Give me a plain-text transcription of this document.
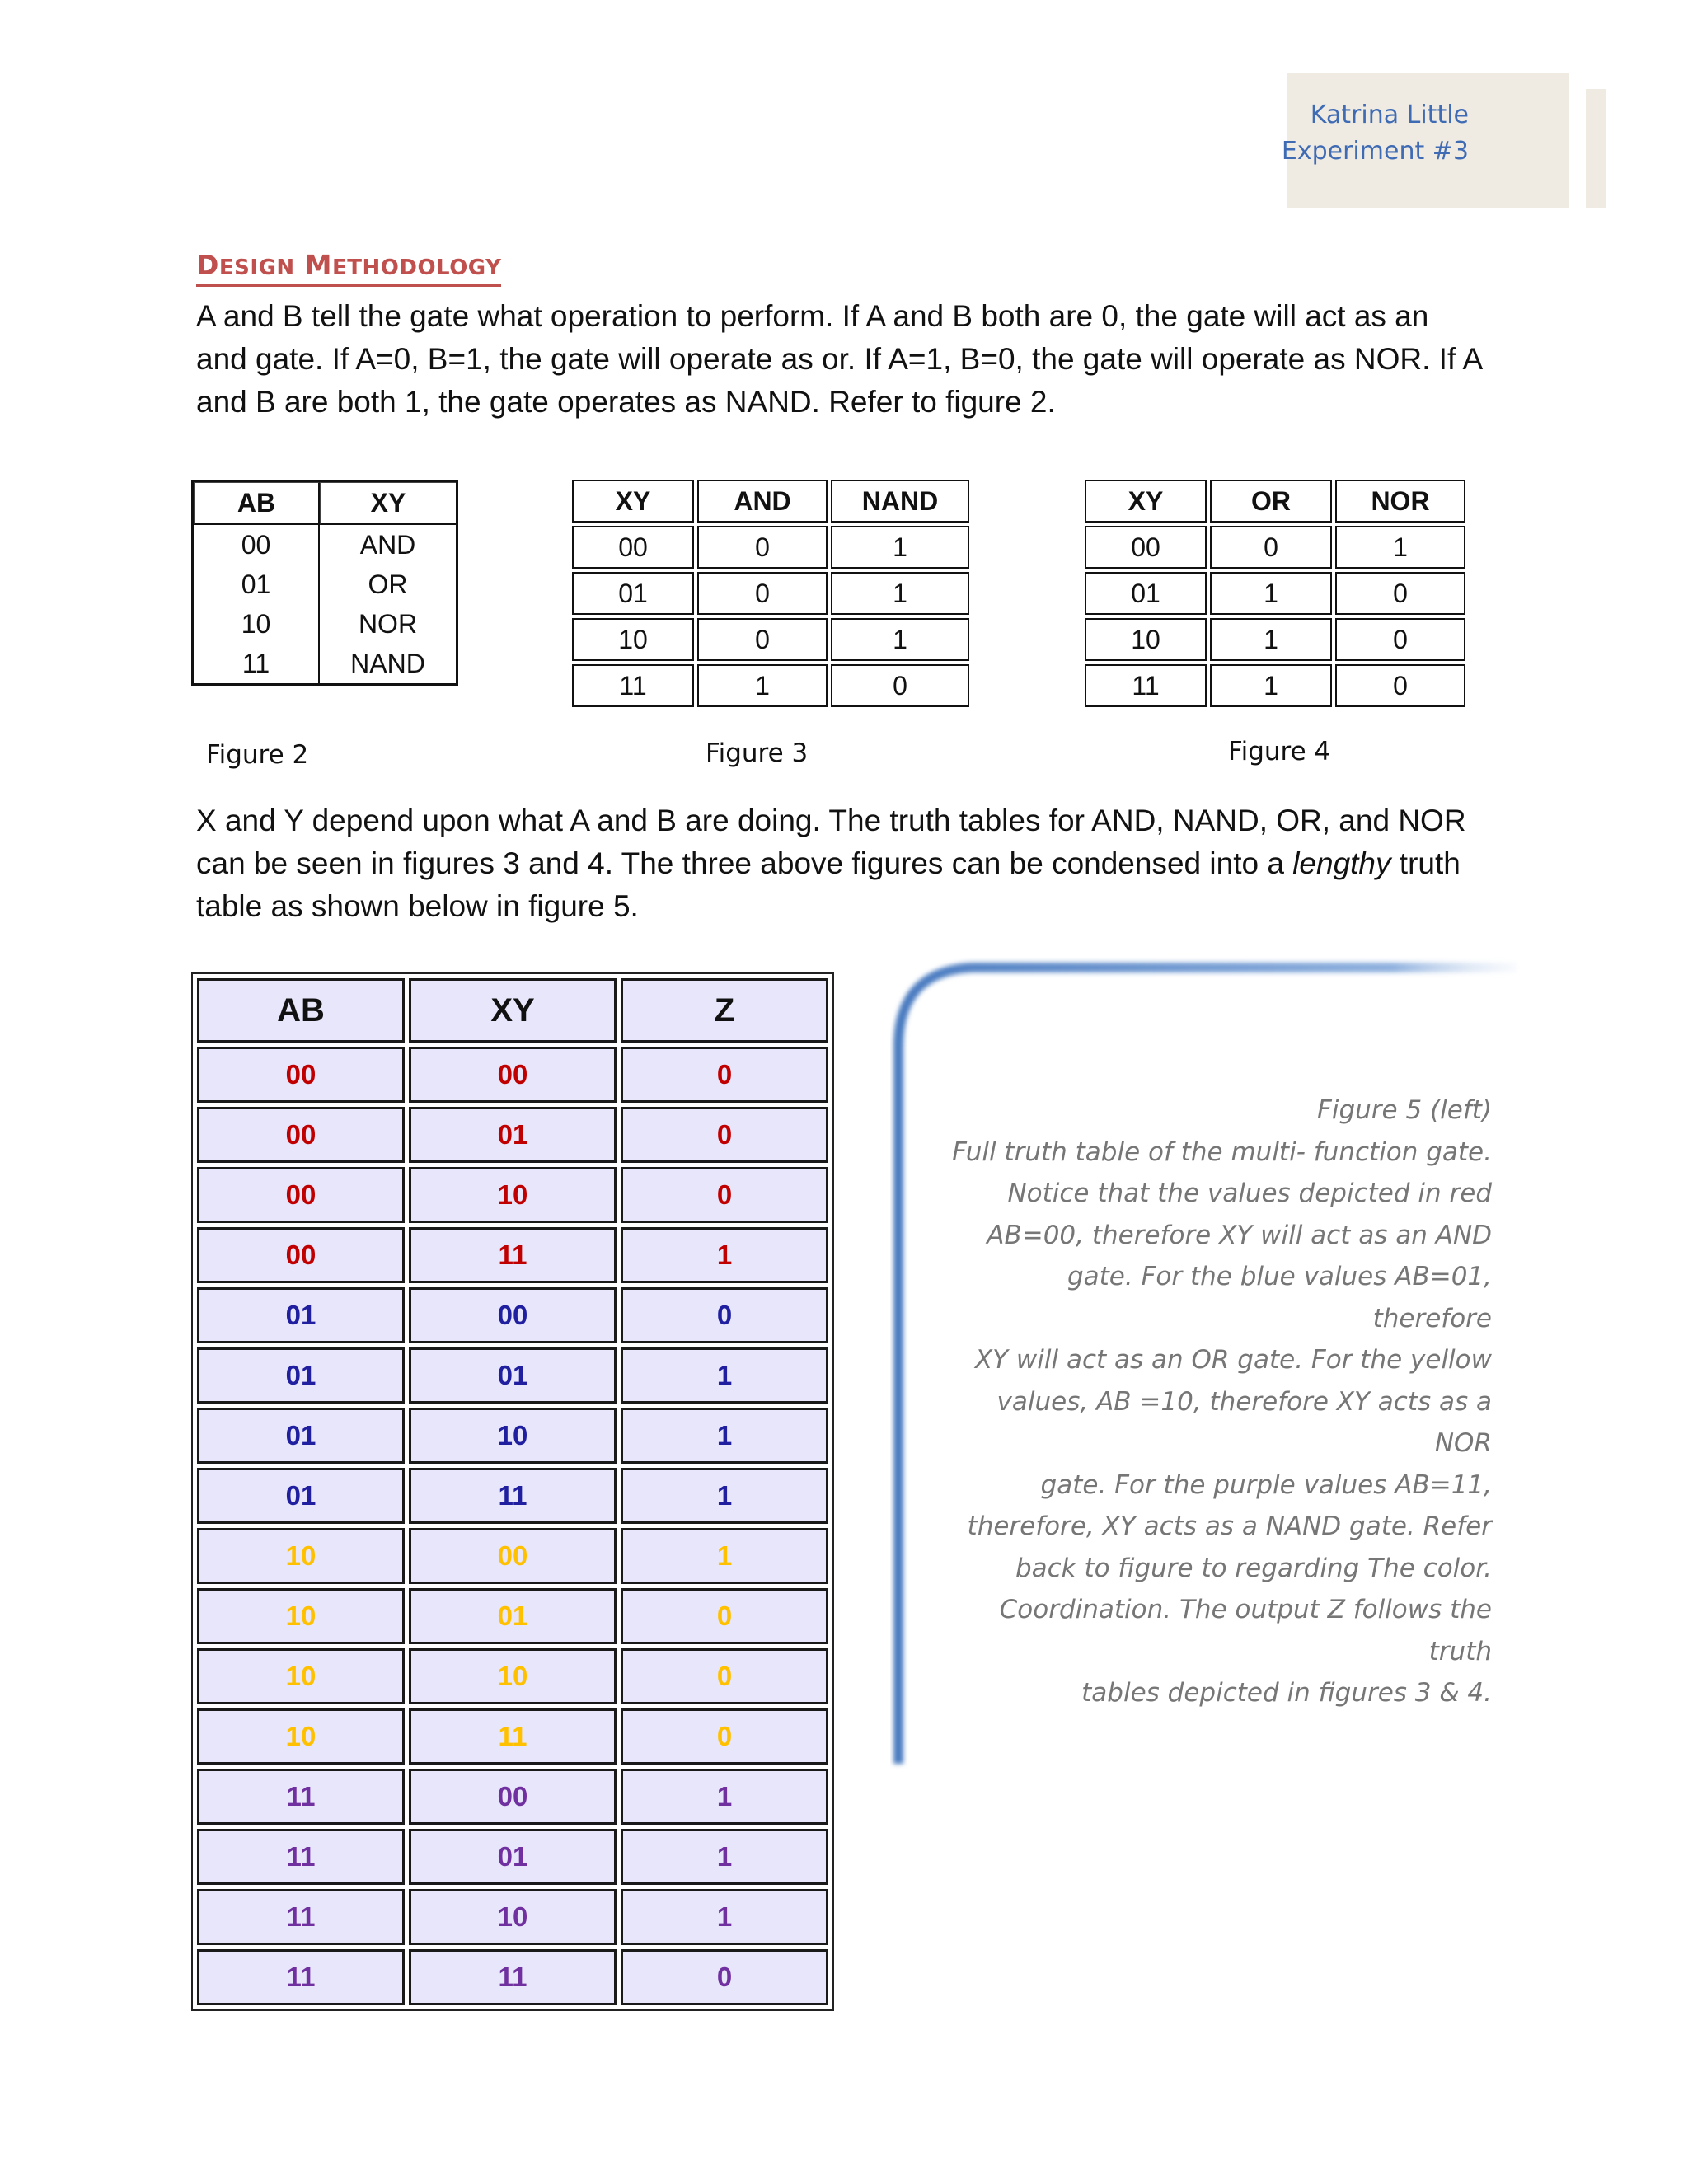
Katrina Little
Experiment #3
DESIGN METHODOLOGY
A and B tell the gate what operation to perform. If A and B both are 0, the gate will act as an and gate. If A=0, B=1, the gate will operate as or. If A=1, B=0, the gate will operate as NOR. If A and B are both 1, the gate operates as NAND. Refer to figure 2.
AB	XY
00	AND
01	OR
10	NOR
11	NAND
XY	AND	NAND
00	0	1
01	0	1
10	0	1
11	1	0
XY	OR	NOR
00	0	1
01	1	0
10	1	0
11	1	0
Figure 2	Figure 3	Figure 4
X and Y depend upon what A and B are doing. The truth tables for AND, NAND, OR, and NOR can be seen in figures 3 and 4. The three above figures can be condensed into a lengthy truth table as shown below in figure 5.
AB	XY	Z
00	00	0
00	01	0
00	10	0
00	11	1
01	00	0
01	01	1
01	10	1
01	11	1
10	00	1
10	01	0
10	10	0
10	11	0
11	00	1
11	01	1
11	10	1
11	11	0
Figure 5 (left)
Full truth table of the multi- function gate.
Notice that the values depicted in red
AB=00, therefore XY will act as an AND
gate. For the blue values AB=01, therefore
XY will act as an OR gate. For the yellow
values, AB =10, therefore XY acts as a NOR
gate. For the purple values AB=11,
therefore, XY acts as a NAND gate. Refer
back to figure to regarding The color.
Coordination. The output Z follows the truth
tables depicted in figures 3 & 4.
